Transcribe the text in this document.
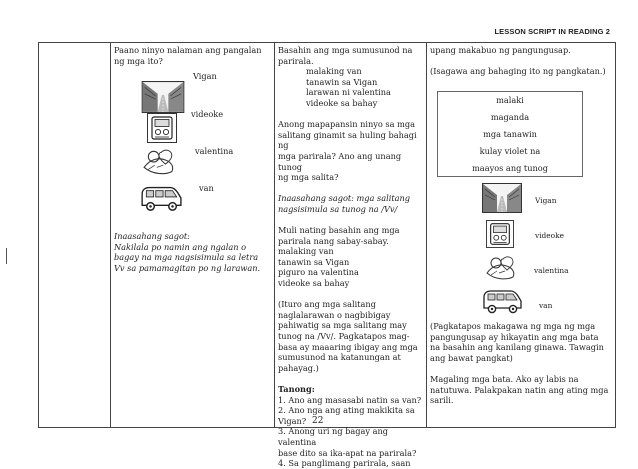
LESSON SCRIPT IN READING 2

Paano ninyo nalaman ang pangalan

ng mga ito?

Vigan
videoke
valentina
van

Inaasahang sagot:

Nakilala po namin ang ngalan o

bagay na mga nagsisimula sa letra

Vv sa pamamagitan po ng larawan.

Basahin ang mga sumusunod na

parirala.

malaking van

tanawin sa Vigan

larawan ni valentina

videoke sa bahay

Anong mapapansin ninyo sa mga

salitang ginamit sa huling bahagi ng

mga parirala? Ano ang unang tunog

ng mga salita?

Inaasahang sagot: mga salitang

nagsisimula sa tunog na /Vv/

Muli nating basahin ang mga

parirala nang sabay-sabay.

malaking van

tanawin sa Vigan

piguro na valentina

videoke sa bahay

(Ituro ang mga salitang

naglalarawan o nagbibigay

pahiwatig sa mga salitang may

tunog na /Vv/. Pagkatapos mag-

basa ay maaaring ibigay ang mga

sumusunod na katanungan at

pahayag.)

Tanong:

1. Ano ang masasabi natin sa van?

2. Ano nga ang ating makikita sa

Vigan?

3. Anong uri ng bagay ang valentina

base dito sa ika-apat na parirala?

4. Sa panglimang parirala, saan

upang makabuo ng pangungusap.

(Isagawa ang bahaging ito ng pangkatan.)

malaki
maganda
mga tanawin
kulay violet na
maayos ang tunog
Vigan
videoke
valentina
van

(Pagkatapos makagawa ng mga ng mga

pangungusap ay hikayatin ang mga bata

na basahin ang kanilang ginawa. Tawagin

ang bawat pangkat)

Magaling mga bata. Ako ay labis na

natutuwa. Palakpakan natin ang ating mga

sarili.

22
